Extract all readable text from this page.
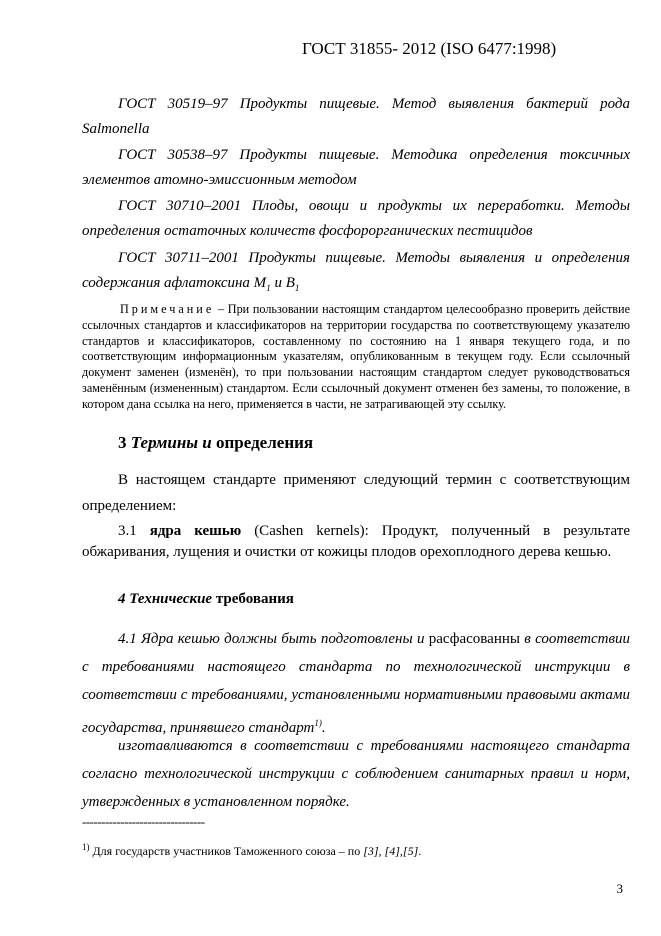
ГОСТ 31855- 2012 (ISO 6477:1998)
ГОСТ 30519–97 Продукты пищевые. Метод выявления бактерий рода Salmonella
ГОСТ 30538–97 Продукты пищевые. Методика определения токсичных элементов атомно-эмиссионным методом
ГОСТ 30710–2001 Плоды, овощи и продукты их переработки. Методы определения остаточных количеств фосфорорганических пестицидов
ГОСТ 30711–2001 Продукты пищевые. Методы выявления и определения содержания афлатоксина $M_1$ и $B_1$
Примечание – При пользовании настоящим стандартом целесообразно проверить действие ссылочных стандартов и классификаторов на территории государства по соответствующему указателю стандартов и классификаторов, составленному по состоянию на 1 января текущего года, и по соответствующим информационным указателям, опубликованным в текущем году. Если ссылочный документ заменен (изменён), то при пользовании настоящим стандартом следует руководствоваться заменённым (измененным) стандартом. Если ссылочный документ отменен без замены, то положение, в котором дана ссылка на него, применяется в части, не затрагивающей эту ссылку.
3 Термины и определения
В настоящем стандарте применяют следующий термин с соответствующим определением:
3.1 ядра кешью (Cashen kernels): Продукт, полученный в результате обжаривания, лущения и очистки от кожицы плодов орехоплодного дерева кешью.
4 Технические требования
4.1 Ядра кешью должны быть подготовлены и расфасованны в соответствии с требованиями настоящего стандарта по технологической инструкции в соответствии с требованиями, установленными нормативными правовыми актами государства, принявшего стандарт$^{1)}$.
изготавливаются в соответствии с требованиями настоящего стандарта согласно технологической инструкции с соблюдением санитарных правил и норм, утвержденных в установленном порядке.
--------------------------------
$^{1)}$ Для государств участников Таможенного союза – по [3], [4],[5].
3
